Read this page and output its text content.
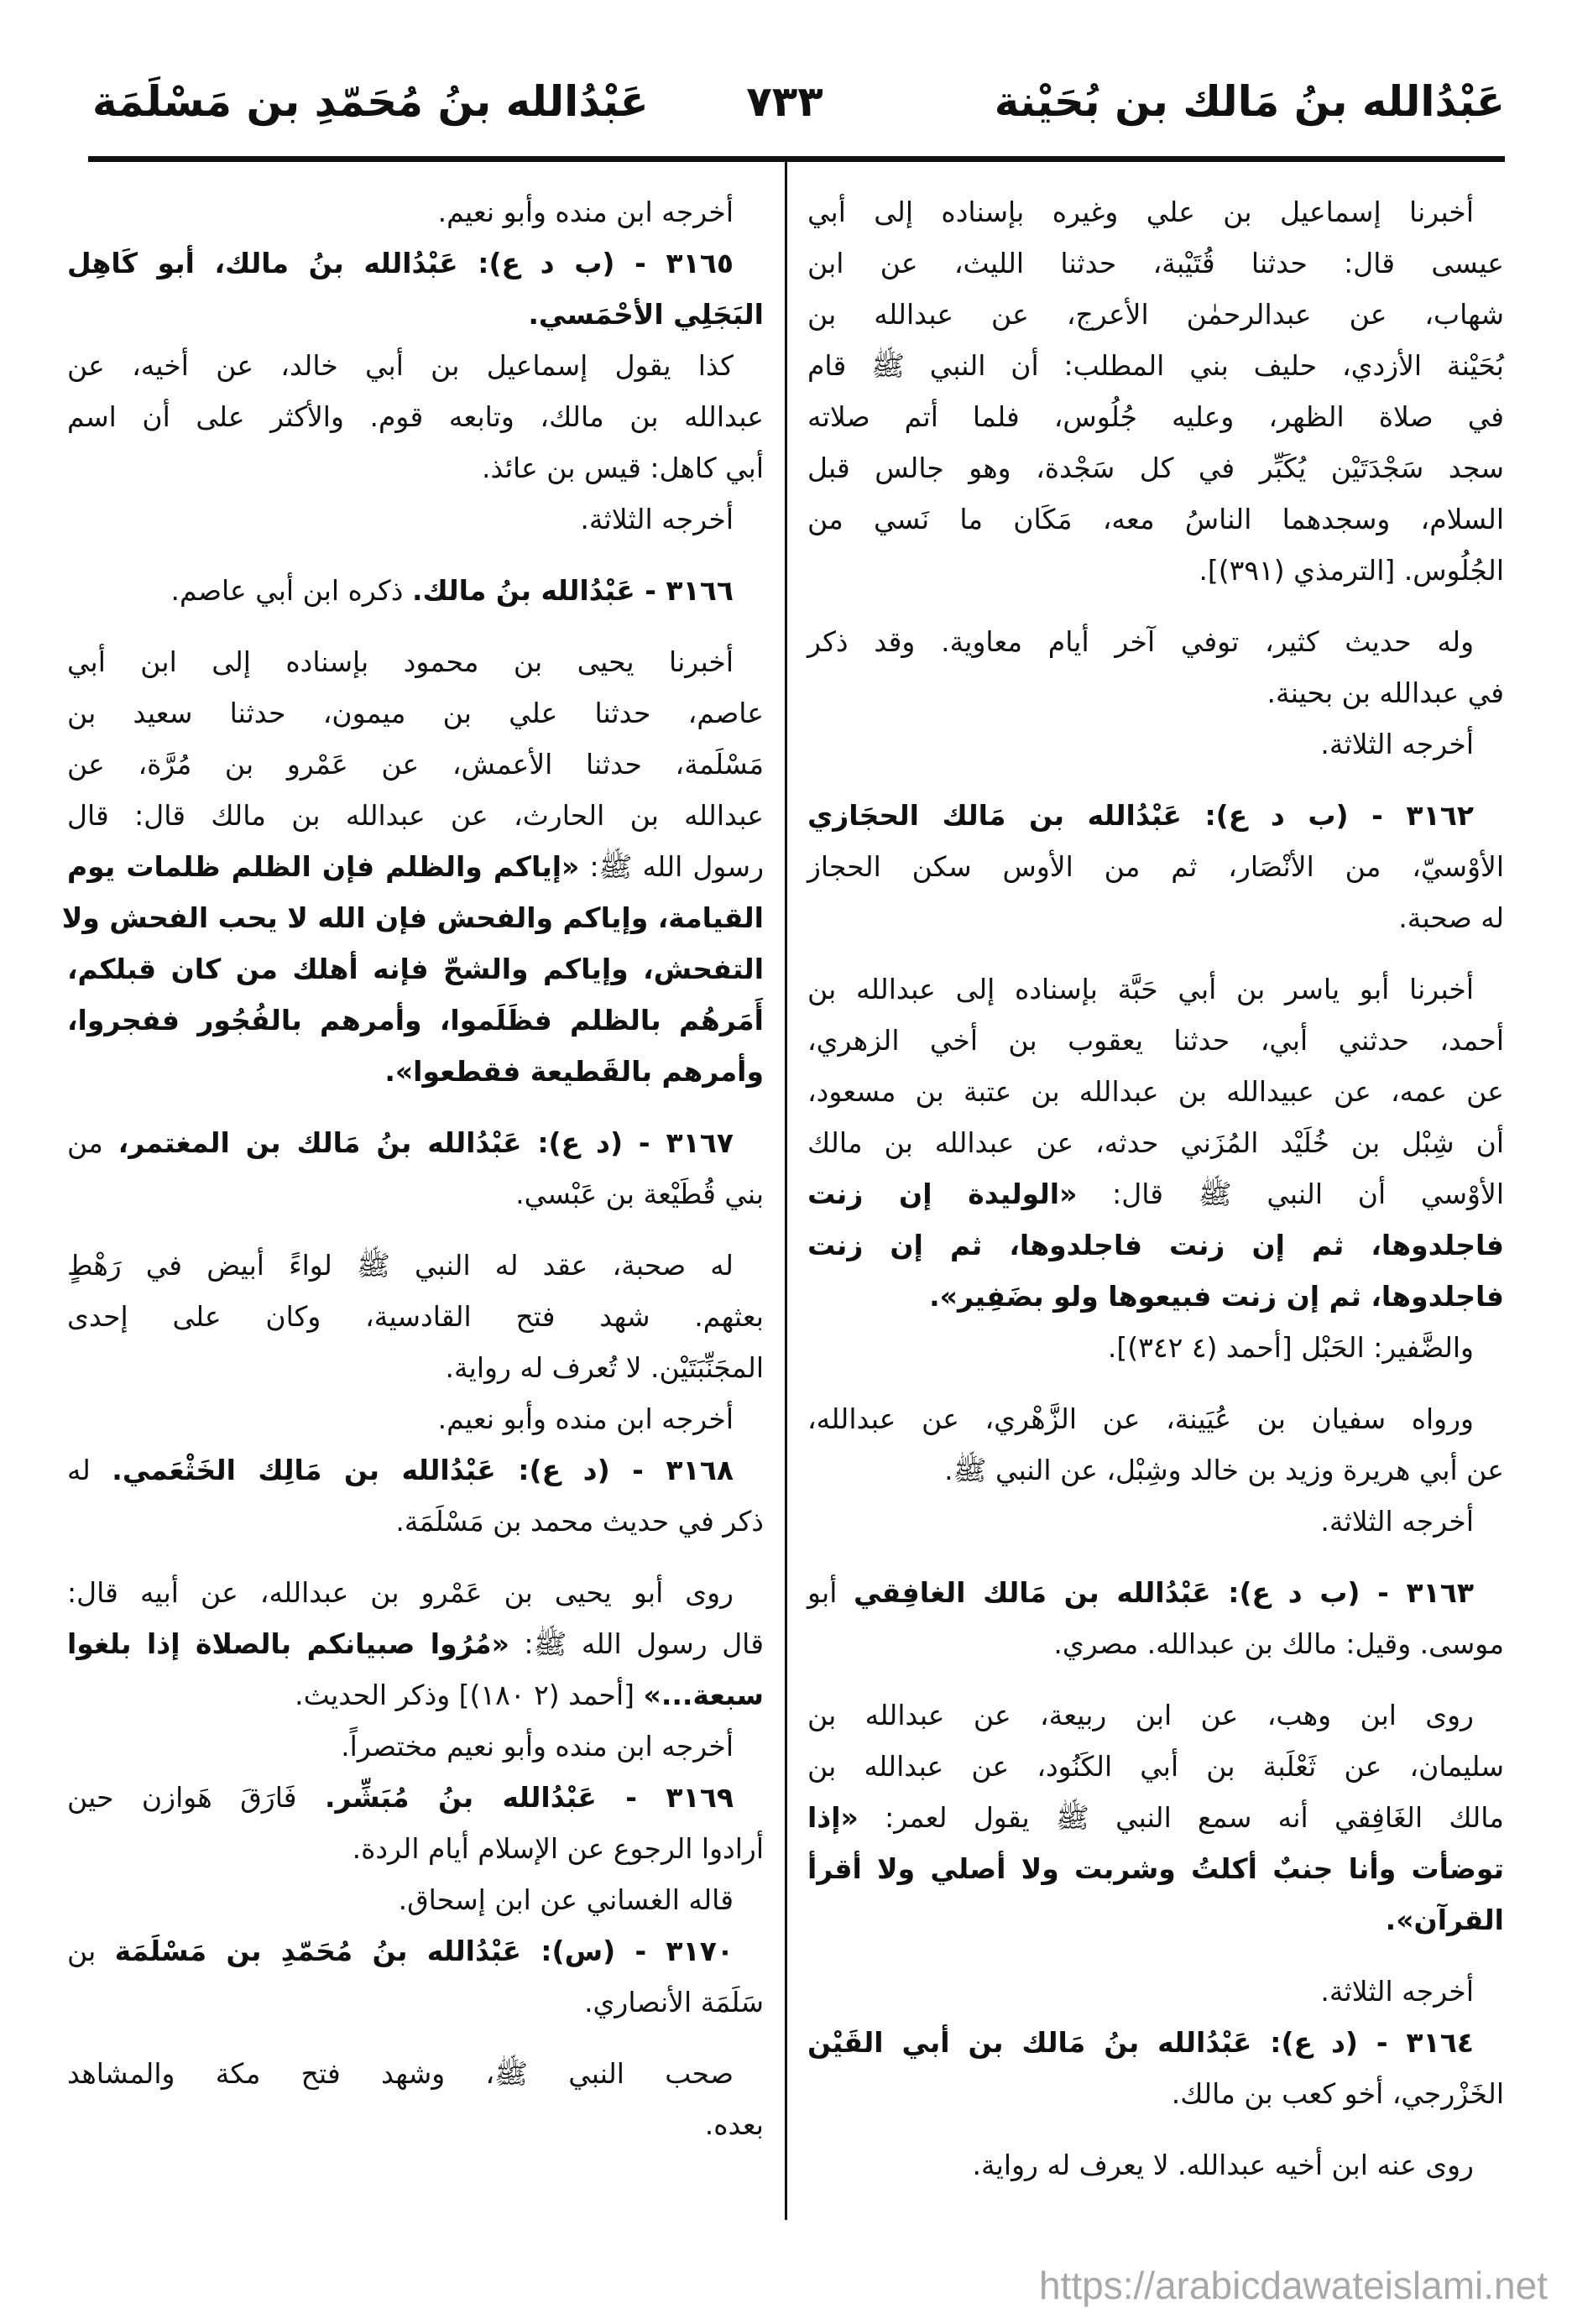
عَبْدُالله بنُ مَالك بن بُحَيْنة
٧٣٣
عَبْدُالله بنُ مُحَمّدِ بن مَسْلَمَة
أخبرنا إسماعيل بن علي وغيره بإسناده إلى أبي
عيسى قال: حدثنا قُتَيْبة، حدثنا الليث، عن ابن
شهاب، عن عبدالرحمٰن الأعرج، عن عبدالله بن
بُحَيْنة الأزدي، حليف بني المطلب: أن النبي ﷺ قام
في صلاة الظهر، وعليه جُلُوس، فلما أتم صلاته
سجد سَجْدَتَيْن يُكَبِّر في كل سَجْدة، وهو جالس قبل
السلام، وسجدهما الناسُ معه، مَكَان ما نَسي من
الجُلُوس. [الترمذي (٣٩١)].
وله حديث كثير، توفي آخر أيام معاوية. وقد ذكر
في عبدالله بن بحينة.
أخرجه الثلاثة.
٣١٦٢ - (ب د ع): عَبْدُالله بن مَالك الحجَازي
الأوْسيّ، من الأنْصَار، ثم من الأوس سكن الحجاز
له صحبة.
أخبرنا أبو ياسر بن أبي حَبَّة بإسناده إلى عبدالله بن
أحمد، حدثني أبي، حدثنا يعقوب بن أخي الزهري،
عن عمه، عن عبيدالله بن عبدالله بن عتبة بن مسعود،
أن شِبْل بن خُلَيْد المُزَني حدثه، عن عبدالله بن مالك
الأوْسي أن النبي ﷺ قال: «الوليدة إن زنت
فاجلدوها، ثم إن زنت فاجلدوها، ثم إن زنت
فاجلدوها، ثم إن زنت فبيعوها ولو بضَفِير».
والضَّفير: الحَبْل [أحمد (٤ ٣٤٢)].
ورواه سفيان بن عُيَينة، عن الزَّهْري، عن عبدالله،
عن أبي هريرة وزيد بن خالد وشِبْل، عن النبي ﷺ.
أخرجه الثلاثة.
٣١٦٣ - (ب د ع): عَبْدُالله بن مَالك الغافِقي أبو
موسى. وقيل: مالك بن عبدالله. مصري.
روى ابن وهب، عن ابن ربيعة، عن عبدالله بن
سليمان، عن ثَعْلَبة بن أبي الكَنُود، عن عبدالله بن
مالك الغَافِقي أنه سمع النبي ﷺ يقول لعمر: «إذا
توضأت وأنا جنبٌ أكلتُ وشربت ولا أصلي ولا أقرأ
القرآن».
أخرجه الثلاثة.
٣١٦٤ - (د ع): عَبْدُالله بنُ مَالك بن أبي القَيْن
الخَزْرجي، أخو كعب بن مالك.
روى عنه ابن أخيه عبدالله. لا يعرف له رواية.
أخرجه ابن منده وأبو نعيم.
٣١٦٥ - (ب د ع): عَبْدُالله بنُ مالك، أبو كَاهِل
البَجَلِي الأحْمَسي.
كذا يقول إسماعيل بن أبي خالد، عن أخيه، عن
عبدالله بن مالك، وتابعه قوم. والأكثر على أن اسم
أبي كاهل: قيس بن عائذ.
أخرجه الثلاثة.
٣١٦٦ - عَبْدُالله بنُ مالك. ذكره ابن أبي عاصم.
أخبرنا يحيى بن محمود بإسناده إلى ابن أبي
عاصم، حدثنا علي بن ميمون، حدثنا سعيد بن
مَسْلَمة، حدثنا الأعمش، عن عَمْرو بن مُرَّة، عن
عبدالله بن الحارث، عن عبدالله بن مالك قال: قال
رسول الله ﷺ: «إياكم والظلم فإن الظلم ظلمات يوم
القيامة، وإياكم والفحش فإن الله لا يحب الفحش ولا
التفحش، وإياكم والشحّ فإنه أهلك من كان قبلكم،
أَمَرهُم بالظلم فظَلَموا، وأمرهم بالفُجُور ففجروا،
وأمرهم بالقَطيعة فقطعوا».
٣١٦٧ - (د ع): عَبْدُالله بنُ مَالك بن المغتمر، من
بني قُطَيْعة بن عَبْسي.
له صحبة، عقد له النبي ﷺ لواءً أبيض في رَهْطٍ
بعثهم. شهد فتح القادسية، وكان على إحدى
المجَنِّبَتَيْن. لا تُعرف له رواية.
أخرجه ابن منده وأبو نعيم.
٣١٦٨ - (د ع): عَبْدُالله بن مَالِك الخَثْعَمي. له
ذكر في حديث محمد بن مَسْلَمَة.
روى أبو يحيى بن عَمْرو بن عبدالله، عن أبيه قال:
قال رسول الله ﷺ: «مُرُوا صبيانكم بالصلاة إذا بلغوا
سبعة...» [أحمد (٢ ١٨٠)] وذكر الحديث.
أخرجه ابن منده وأبو نعيم مختصراً.
٣١٦٩ - عَبْدُالله بنُ مُبَشِّر. فَارَقَ هَوازن حين
أرادوا الرجوع عن الإسلام أيام الردة.
قاله الغساني عن ابن إسحاق.
٣١٧٠ - (س): عَبْدُالله بنُ مُحَمّدِ بن مَسْلَمَة بن
سَلَمَة الأنصاري.
صحب النبي ﷺ، وشهد فتح مكة والمشاهد
بعده.
https://arabicdawateislami.net
